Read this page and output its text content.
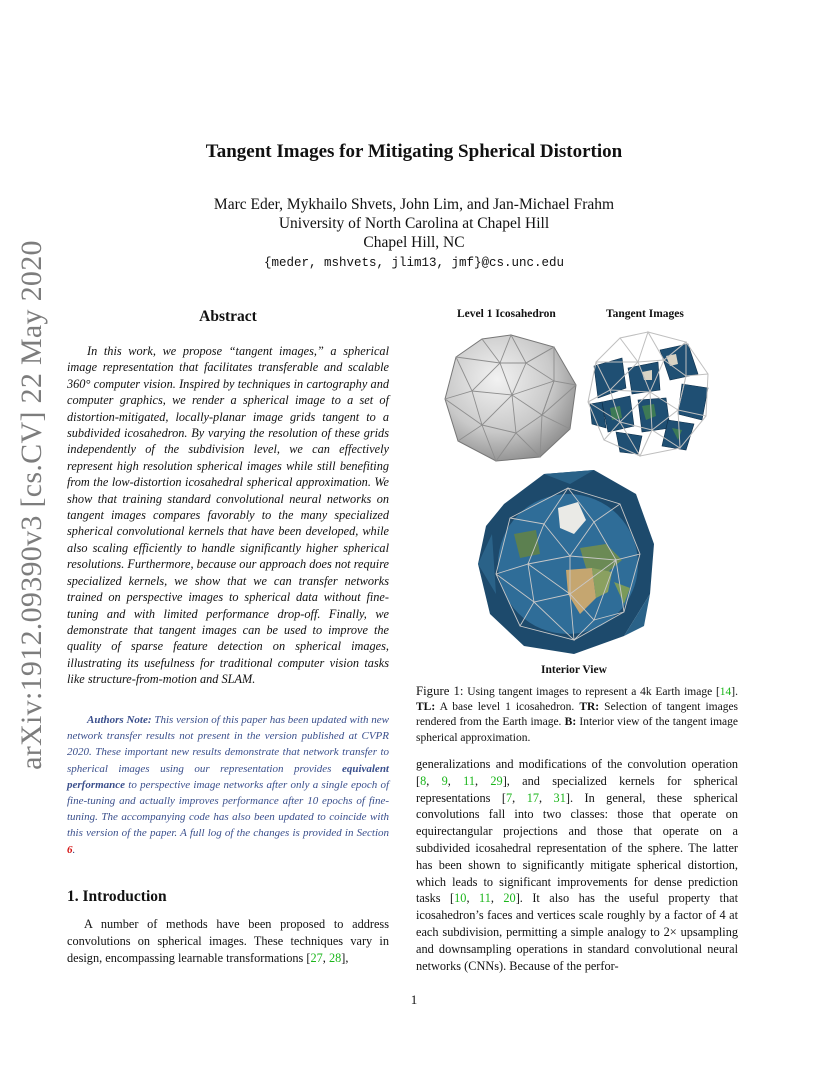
arXiv:1912.09390v3 [cs.CV] 22 May 2020
Tangent Images for Mitigating Spherical Distortion
Marc Eder, Mykhailo Shvets, John Lim, and Jan-Michael Frahm
University of North Carolina at Chapel Hill
Chapel Hill, NC
{meder, mshvets, jlim13, jmf}@cs.unc.edu
Abstract

In this work, we propose “tangent images,” a spherical image representation that facilitates transferable and scalable 360° computer vision. Inspired by techniques in cartography and computer graphics, we render a spherical image to a set of distortion-mitigated, locally-planar image grids tangent to a subdivided icosahedron. By varying the resolution of these grids independently of the subdivision level, we can effectively represent high resolution spherical images while still benefiting from the low-distortion icosahedral spherical approximation. We show that training standard convolutional neural networks on tangent images compares favorably to the many specialized spherical convolutional kernels that have been developed, while also scaling efficiently to handle significantly higher spherical resolutions. Furthermore, because our approach does not require specialized kernels, we show that we can transfer networks trained on perspective images to spherical data without fine-tuning and with limited performance drop-off. Finally, we demonstrate that tangent images can be used to improve the quality of sparse feature detection on spherical images, illustrating its usefulness for traditional computer vision tasks like structure-from-motion and SLAM.

Authors Note: This version of this paper has been updated with new network transfer results not present in the version published at CVPR 2020. These important new results demonstrate that network transfer to spherical images using our representation provides equivalent performance to perspective image networks after only a single epoch of fine-tuning and actually improves performance after 10 epochs of fine-tuning. The accompanying code has also been updated to coincide with this version of the paper. A full log of the changes is provided in Section 6.

1. Introduction

A number of methods have been proposed to address convolutions on spherical images. These techniques vary in design, encompassing learnable transformations [27, 28],

Level 1 Icosahedron	Tangent Images
Interior View
Figure 1: Using tangent images to represent a 4k Earth image [14]. TL: A base level 1 icosahedron. TR: Selection of tangent images rendered from the Earth image. B: Interior view of the tangent image spherical approximation.

generalizations and modifications of the convolution operation [8, 9, 11, 29], and specialized kernels for spherical representations [7, 17, 31]. In general, these spherical convolutions fall into two classes: those that operate on equirectangular projections and those that operate on a subdivided icosahedral representation of the sphere. The latter has been shown to significantly mitigate spherical distortion, which leads to significant improvements for dense prediction tasks [10, 11, 20]. It also has the useful property that icosahedron’s faces and vertices scale roughly by a factor of 4 at each subdivision, permitting a simple analogy to 2× upsampling and downsampling operations in standard convolutional neural networks (CNNs). Because of the perfor-

1
